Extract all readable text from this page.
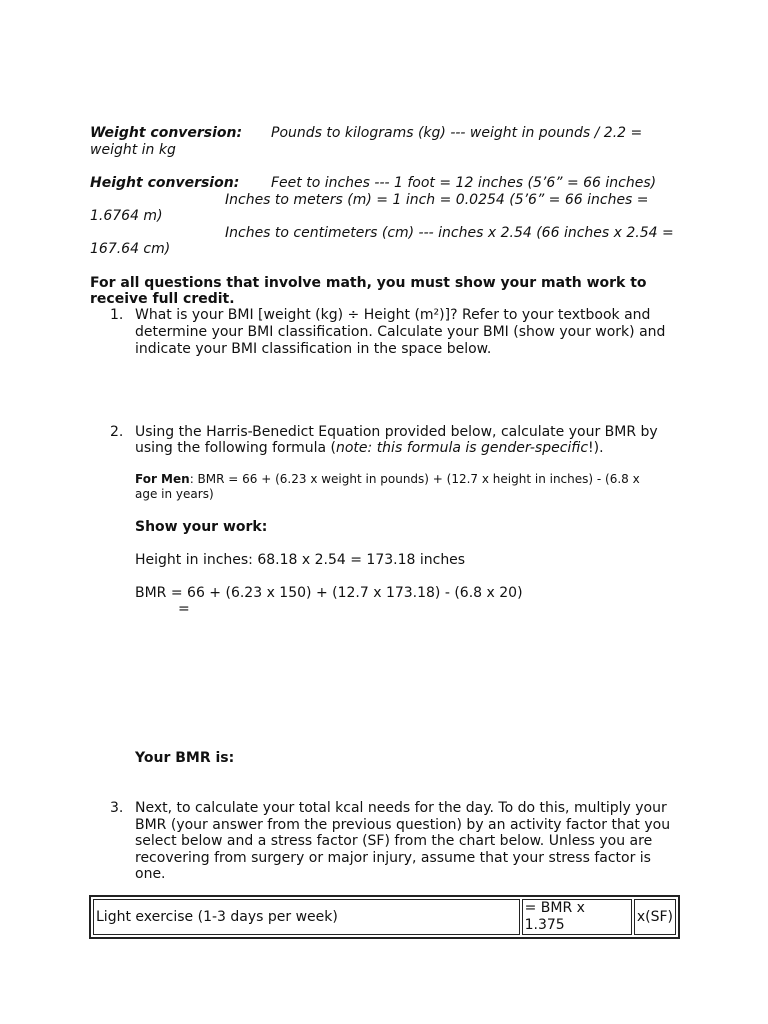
Weight conversion: Pounds to kilograms (kg) --- weight in pounds / 2.2 =
weight in kg
Height conversion: Feet to inches --- 1 foot = 12 inches (5’6” = 66 inches)
Inches to meters (m) = 1 inch = 0.0254 (5’6” = 66 inches =
1.6764 m)
Inches to centimeters (cm) --- inches x 2.54 (66 inches x 2.54 =
167.64 cm)
For all questions that involve math, you must show your math work to
receive full credit.
1. What is your BMI [weight (kg) ÷ Height (m²)]? Refer to your textbook and
determine your BMI classification. Calculate your BMI (show your work) and
indicate your BMI classification in the space below.
2. Using the Harris-Benedict Equation provided below, calculate your BMR by
using the following formula (note: this formula is gender-specific!).
For Men: BMR = 66 + (6.23 x weight in pounds) + (12.7 x height in inches) - (6.8 x
age in years)
Show your work:
Height in inches: 68.18 x 2.54 = 173.18 inches
BMR = 66 + (6.23 x 150) + (12.7 x 173.18) - (6.8 x 20)
=
Your BMR is:
3. Next, to calculate your total kcal needs for the day. To do this, multiply your
BMR (your answer from the previous question) by an activity factor that you
select below and a stress factor (SF) from the chart below. Unless you are
recovering from surgery or major injury, assume that your stress factor is
one.
Light exercise (1-3 days per week)	= BMR x 1.375	x(SF)
